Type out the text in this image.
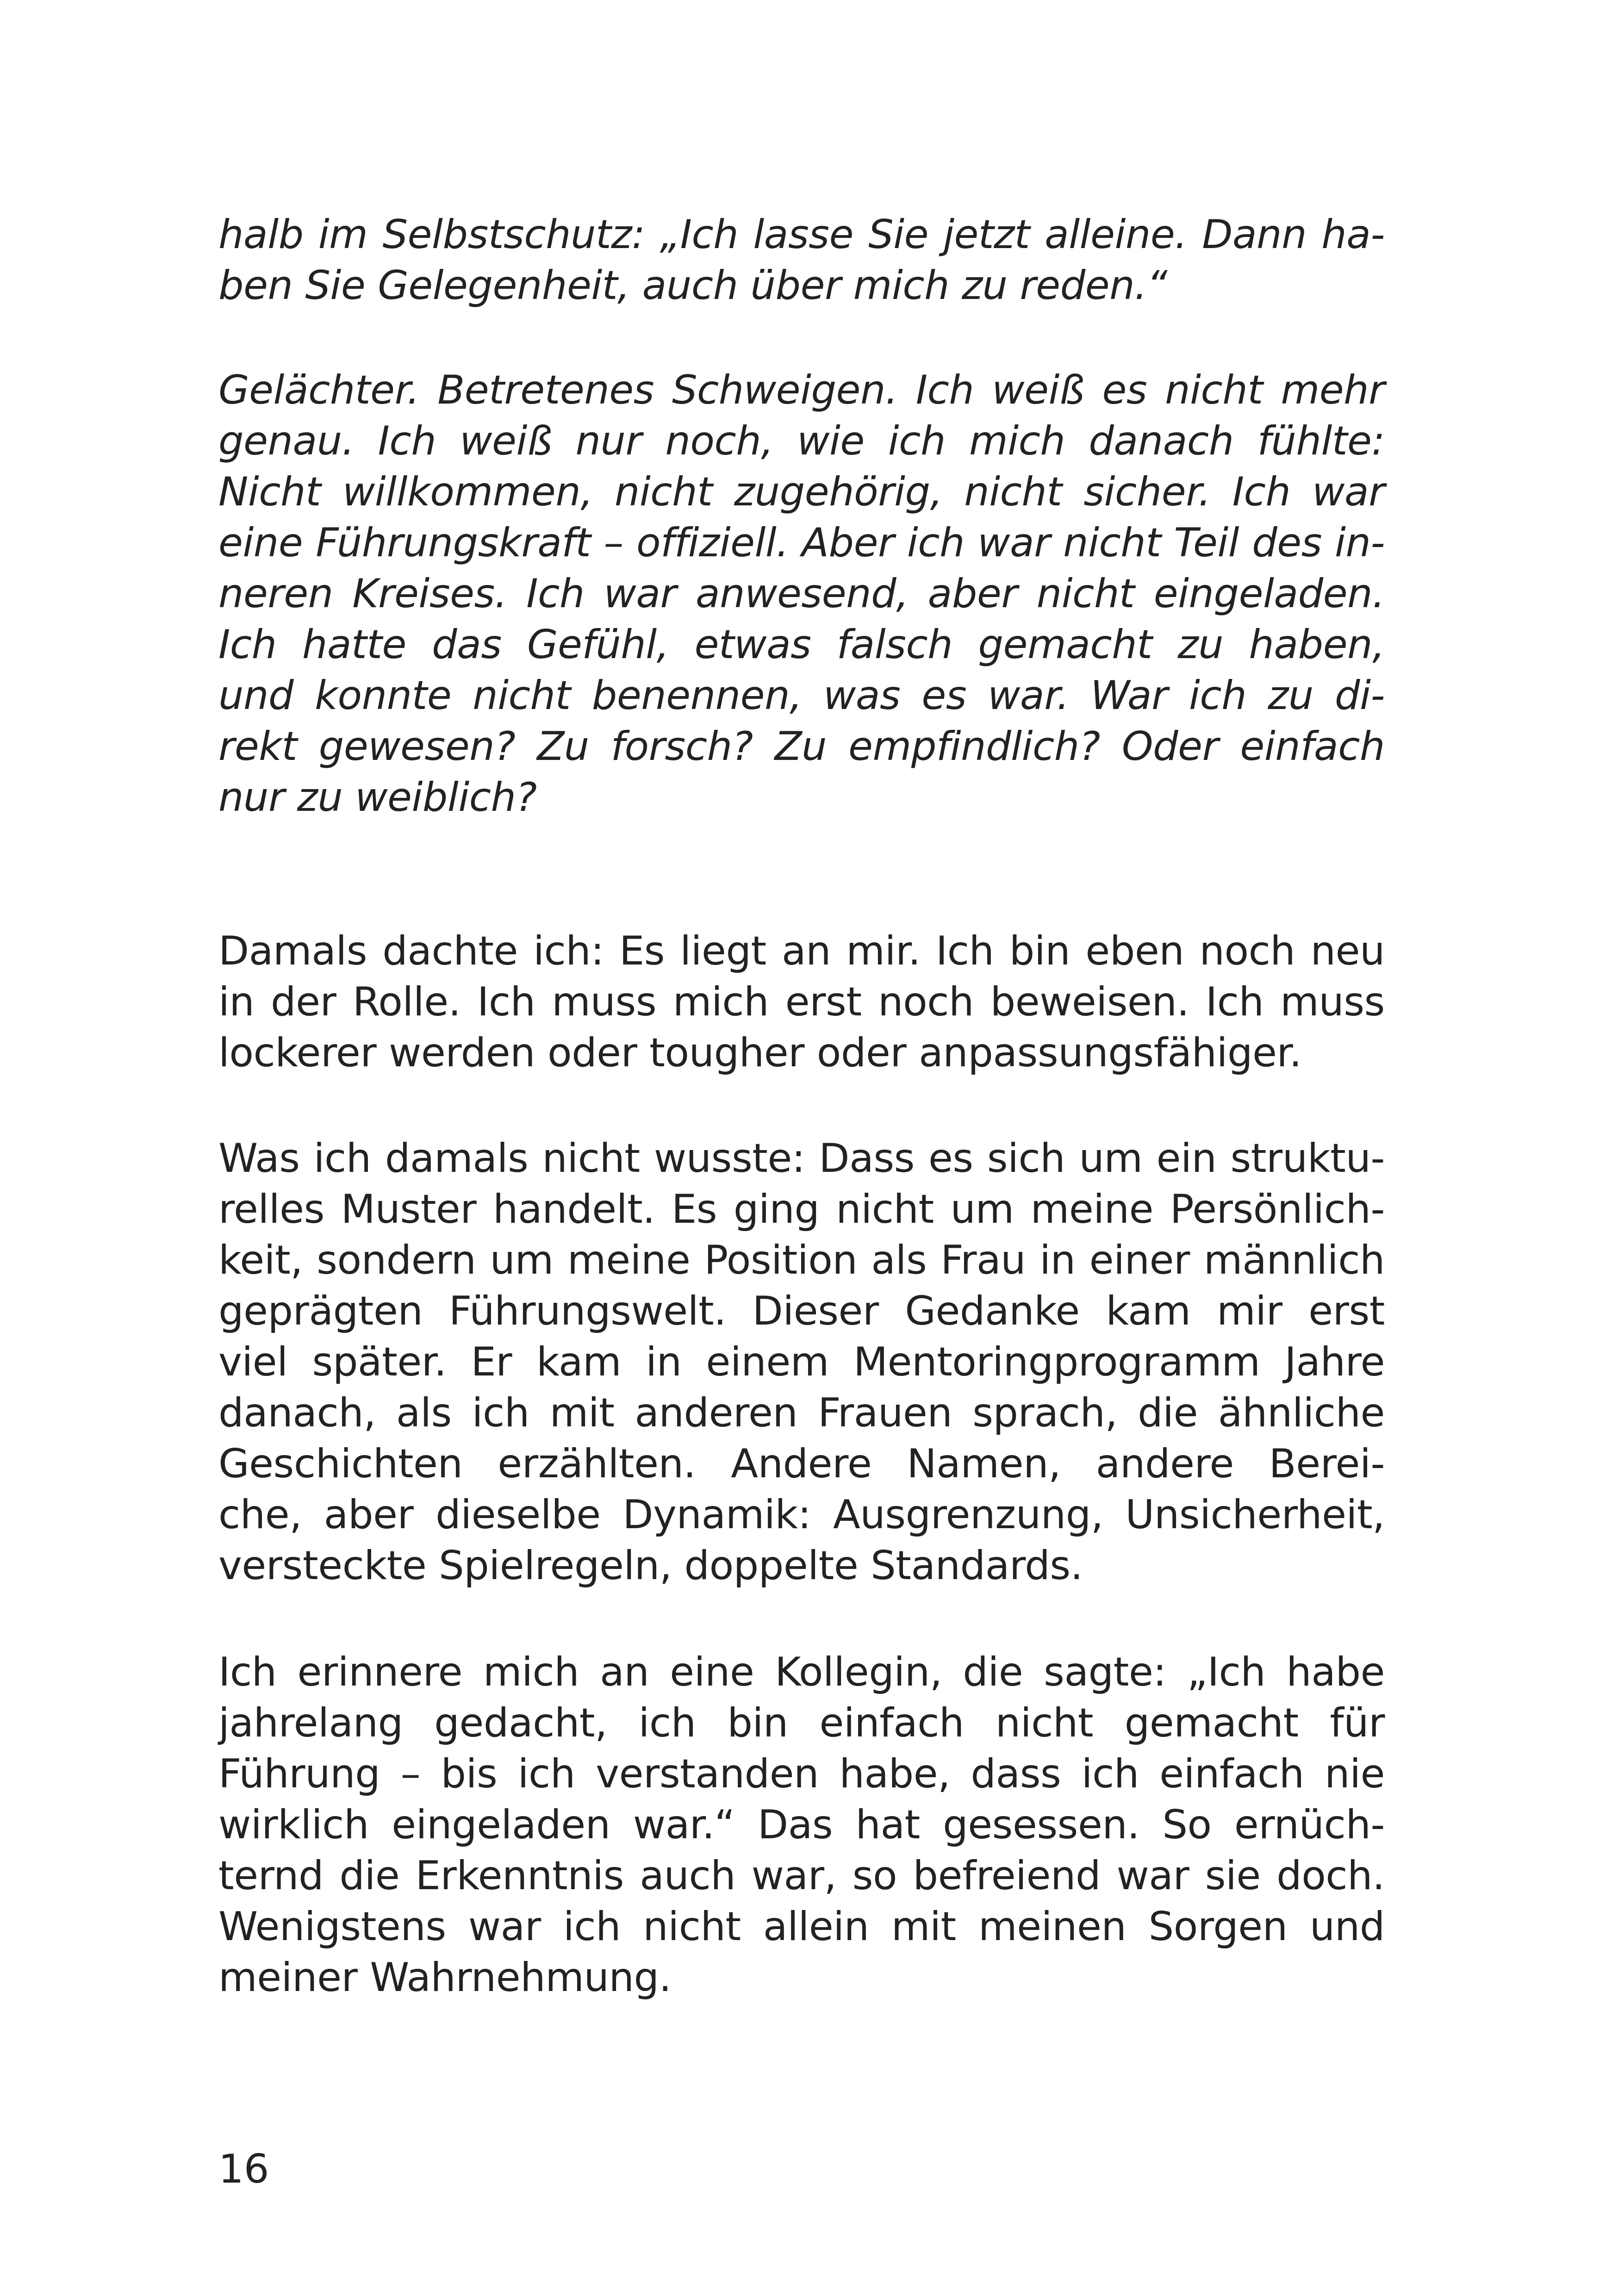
halb im Selbstschutz: „Ich lasse Sie jetzt alleine. Dann ha-
ben Sie Gelegenheit, auch über mich zu reden.“
Gelächter. Betretenes Schweigen. Ich weiß es nicht mehr
genau. Ich weiß nur noch, wie ich mich danach fühlte:
Nicht willkommen, nicht zugehörig, nicht sicher. Ich war
eine Führungskraft – offiziell. Aber ich war nicht Teil des in-
neren Kreises. Ich war anwesend, aber nicht eingeladen.
Ich hatte das Gefühl, etwas falsch gemacht zu haben,
und konnte nicht benennen, was es war. War ich zu di-
rekt gewesen? Zu forsch? Zu empfindlich? Oder einfach
nur zu weiblich?
Damals dachte ich: Es liegt an mir. Ich bin eben noch neu
in der Rolle. Ich muss mich erst noch beweisen. Ich muss
lockerer werden oder tougher oder anpassungsfähiger.
Was ich damals nicht wusste: Dass es sich um ein struktu-
relles Muster handelt. Es ging nicht um meine Persönlich-
keit, sondern um meine Position als Frau in einer männlich
geprägten Führungswelt. Dieser Gedanke kam mir erst
viel später. Er kam in einem Mentoringprogramm Jahre
danach, als ich mit anderen Frauen sprach, die ähnliche
Geschichten erzählten. Andere Namen, andere Berei-
che, aber dieselbe Dynamik: Ausgrenzung, Unsicherheit,
versteckte Spielregeln, doppelte Standards.
Ich erinnere mich an eine Kollegin, die sagte: „Ich habe
jahrelang gedacht, ich bin einfach nicht gemacht für
Führung – bis ich verstanden habe, dass ich einfach nie
wirklich eingeladen war.“ Das hat gesessen. So ernüch-
ternd die Erkenntnis auch war, so befreiend war sie doch.
Wenigstens war ich nicht allein mit meinen Sorgen und
meiner Wahrnehmung.
16
